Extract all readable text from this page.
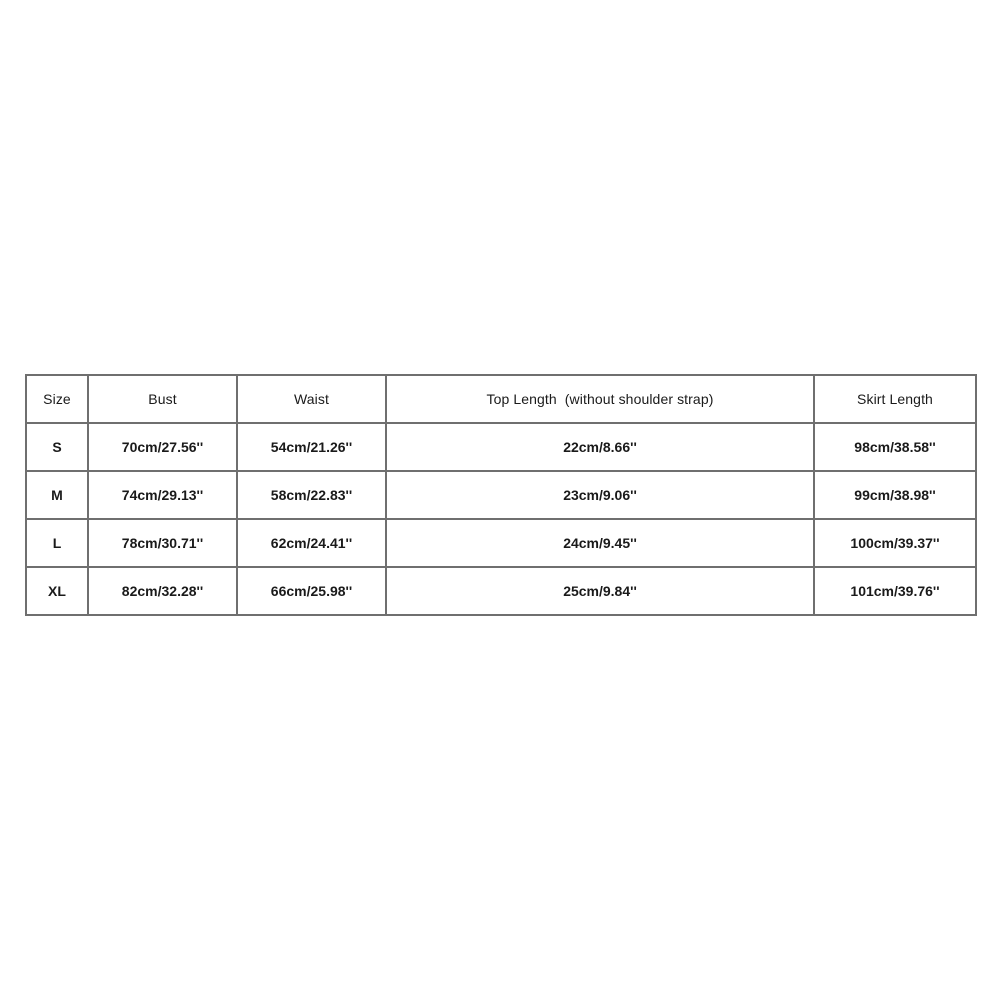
Size	Bust	Waist	Top Length  (without shoulder strap)	Skirt Length
S	70cm/27.56''	54cm/21.26''	22cm/8.66''	98cm/38.58''
M	74cm/29.13''	58cm/22.83''	23cm/9.06''	99cm/38.98''
L	78cm/30.71''	62cm/24.41''	24cm/9.45''	100cm/39.37''
XL	82cm/32.28''	66cm/25.98''	25cm/9.84''	101cm/39.76''
